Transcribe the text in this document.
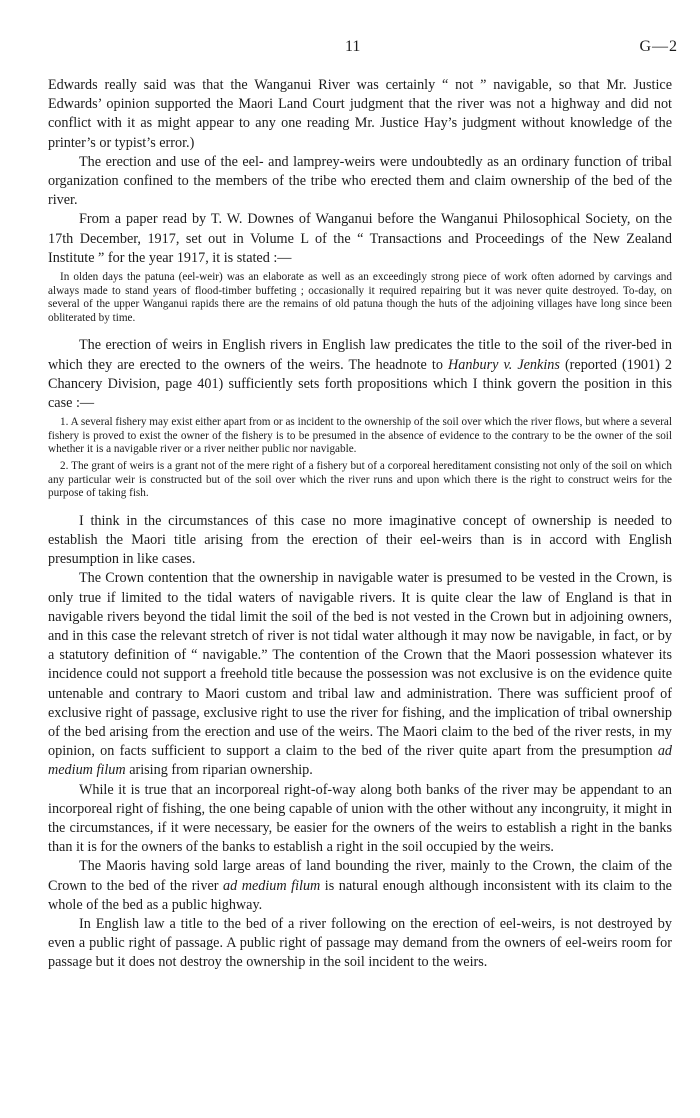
11	G—2

Edwards really said was that the Wanganui River was certainly “ not ” navigable, so that Mr. Justice Edwards’ opinion supported the Maori Land Court judgment that the river was not a highway and did not conflict with it as might appear to any one reading Mr. Justice Hay’s judgment without knowledge of the printer’s or typist’s error.)

The erection and use of the eel- and lamprey-weirs were undoubtedly as an ordinary function of tribal organization confined to the members of the tribe who erected them and claim ownership of the bed of the river.

From a paper read by T. W. Downes of Wanganui before the Wanganui Philosophical Society, on the 17th December, 1917, set out in Volume L of the “ Transactions and Proceedings of the New Zealand Institute ” for the year 1917, it is stated :—

In olden days the patuna (eel-weir) was an elaborate as well as an exceedingly strong piece of work often adorned by carvings and always made to stand years of flood-timber buffeting ; occasionally it required repairing but it was never quite destroyed. To-day, on several of the upper Wanganui rapids there are the remains of old patuna though the huts of the adjoining villages have long since been obliterated by time.

The erection of weirs in English rivers in English law predicates the title to the soil of the river-bed in which they are erected to the owners of the weirs. The headnote to Hanbury v. Jenkins (reported (1901) 2 Chancery Division, page 401) sufficiently sets forth propositions which I think govern the position in this case :—

1. A several fishery may exist either apart from or as incident to the ownership of the soil over which the river flows, but where a several fishery is proved to exist the owner of the fishery is to be presumed in the absence of evidence to the contrary to be the owner of the soil whether it is a navigable river or a river neither public nor navigable.

2. The grant of weirs is a grant not of the mere right of a fishery but of a corporeal hereditament consisting not only of the soil on which any particular weir is constructed but of the soil over which the river runs and upon which there is the right to construct weirs for the purpose of taking fish.

I think in the circumstances of this case no more imaginative concept of ownership is needed to establish the Maori title arising from the erection of their eel-weirs than is in accord with English presumption in like cases.

The Crown contention that the ownership in navigable water is presumed to be vested in the Crown, is only true if limited to the tidal waters of navigable rivers. It is quite clear the law of England is that in navigable rivers beyond the tidal limit the soil of the bed is not vested in the Crown but in adjoining owners, and in this case the relevant stretch of river is not tidal water although it may now be navigable, in fact, or by a statutory definition of “ navigable.” The contention of the Crown that the Maori possession whatever its incidence could not support a freehold title because the possession was not exclusive is on the evidence quite untenable and contrary to Maori custom and tribal law and administration. There was sufficient proof of exclusive right of passage, exclusive right to use the river for fishing, and the implication of tribal ownership of the bed arising from the erection and use of the weirs. The Maori claim to the bed of the river rests, in my opinion, on facts sufficient to support a claim to the bed of the river quite apart from the presumption ad medium filum arising from riparian ownership.

While it is true that an incorporeal right-of-way along both banks of the river may be appendant to an incorporeal right of fishing, the one being capable of union with the other without any incongruity, it might in the circumstances, if it were necessary, be easier for the owners of the weirs to establish a right in the banks than it is for the owners of the banks to establish a right in the soil occupied by the weirs.

The Maoris having sold large areas of land bounding the river, mainly to the Crown, the claim of the Crown to the bed of the river ad medium filum is natural enough although inconsistent with its claim to the whole of the bed as a public highway.

In English law a title to the bed of a river following on the erection of eel-weirs, is not destroyed by even a public right of passage. A public right of passage may demand from the owners of eel-weirs room for passage but it does not destroy the ownership in the soil incident to the weirs.
